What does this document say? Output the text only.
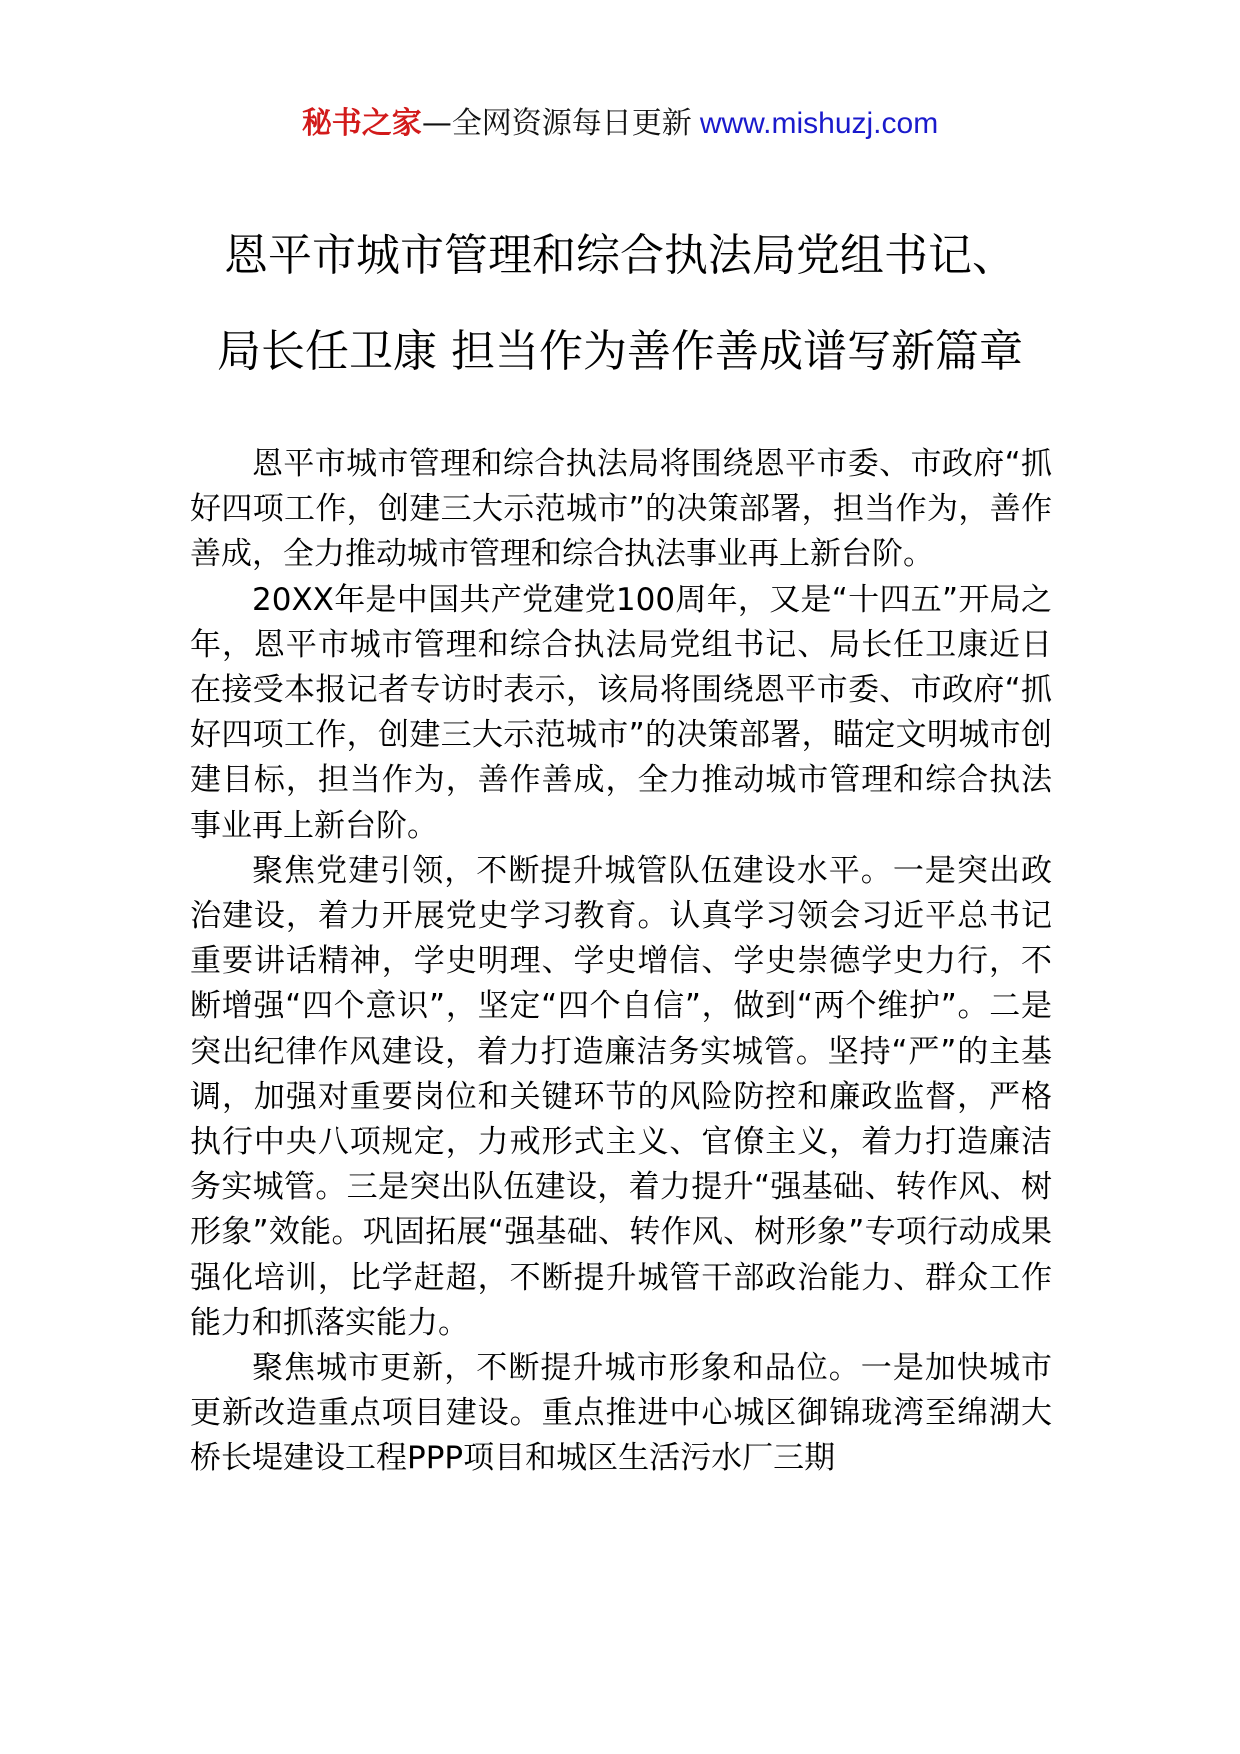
秘书之家—全网资源每日更新 www.mishuzj.com
恩平市城市管理和综合执法局党组书记、
局长任卫康 担当作为善作善成谱写新篇章

恩平市城市管理和综合执法局将围绕恩平市委、市政府“抓好四项工作，创建三大示范城市”的决策部署，担当作为，善作善成，全力推动城市管理和综合执法事业再上新台阶。

20XX年是中国共产党建党100周年，又是“十四五”开局之年，恩平市城市管理和综合执法局党组书记、局长任卫康近日在接受本报记者专访时表示，该局将围绕恩平市委、市政府“抓好四项工作，创建三大示范城市”的决策部署，瞄定文明城市创建目标，担当作为，善作善成，全力推动城市管理和综合执法事业再上新台阶。

聚焦党建引领，不断提升城管队伍建设水平。一是突出政治建设，着力开展党史学习教育。认真学习领会习近平总书记重要讲话精神，学史明理、学史增信、学史崇德学史力行，不断增强“四个意识”，坚定“四个自信”，做到“两个维护”。二是突出纪律作风建设，着力打造廉洁务实城管。坚持“严”的主基调，加强对重要岗位和关键环节的风险防控和廉政监督，严格执行中央八项规定，力戒形式主义、官僚主义，着力打造廉洁务实城管。三是突出队伍建设，着力提升“强基础、转作风、树形象”效能。巩固拓展“强基础、转作风、树形象”专项行动成果强化培训，比学赶超，不断提升城管干部政治能力、群众工作能力和抓落实能力。

聚焦城市更新，不断提升城市形象和品位。一是加快城市更新改造重点项目建设。重点推进中心城区御锦珑湾至绵湖大桥长堤建设工程PPP项目和城区生活污水厂三期
